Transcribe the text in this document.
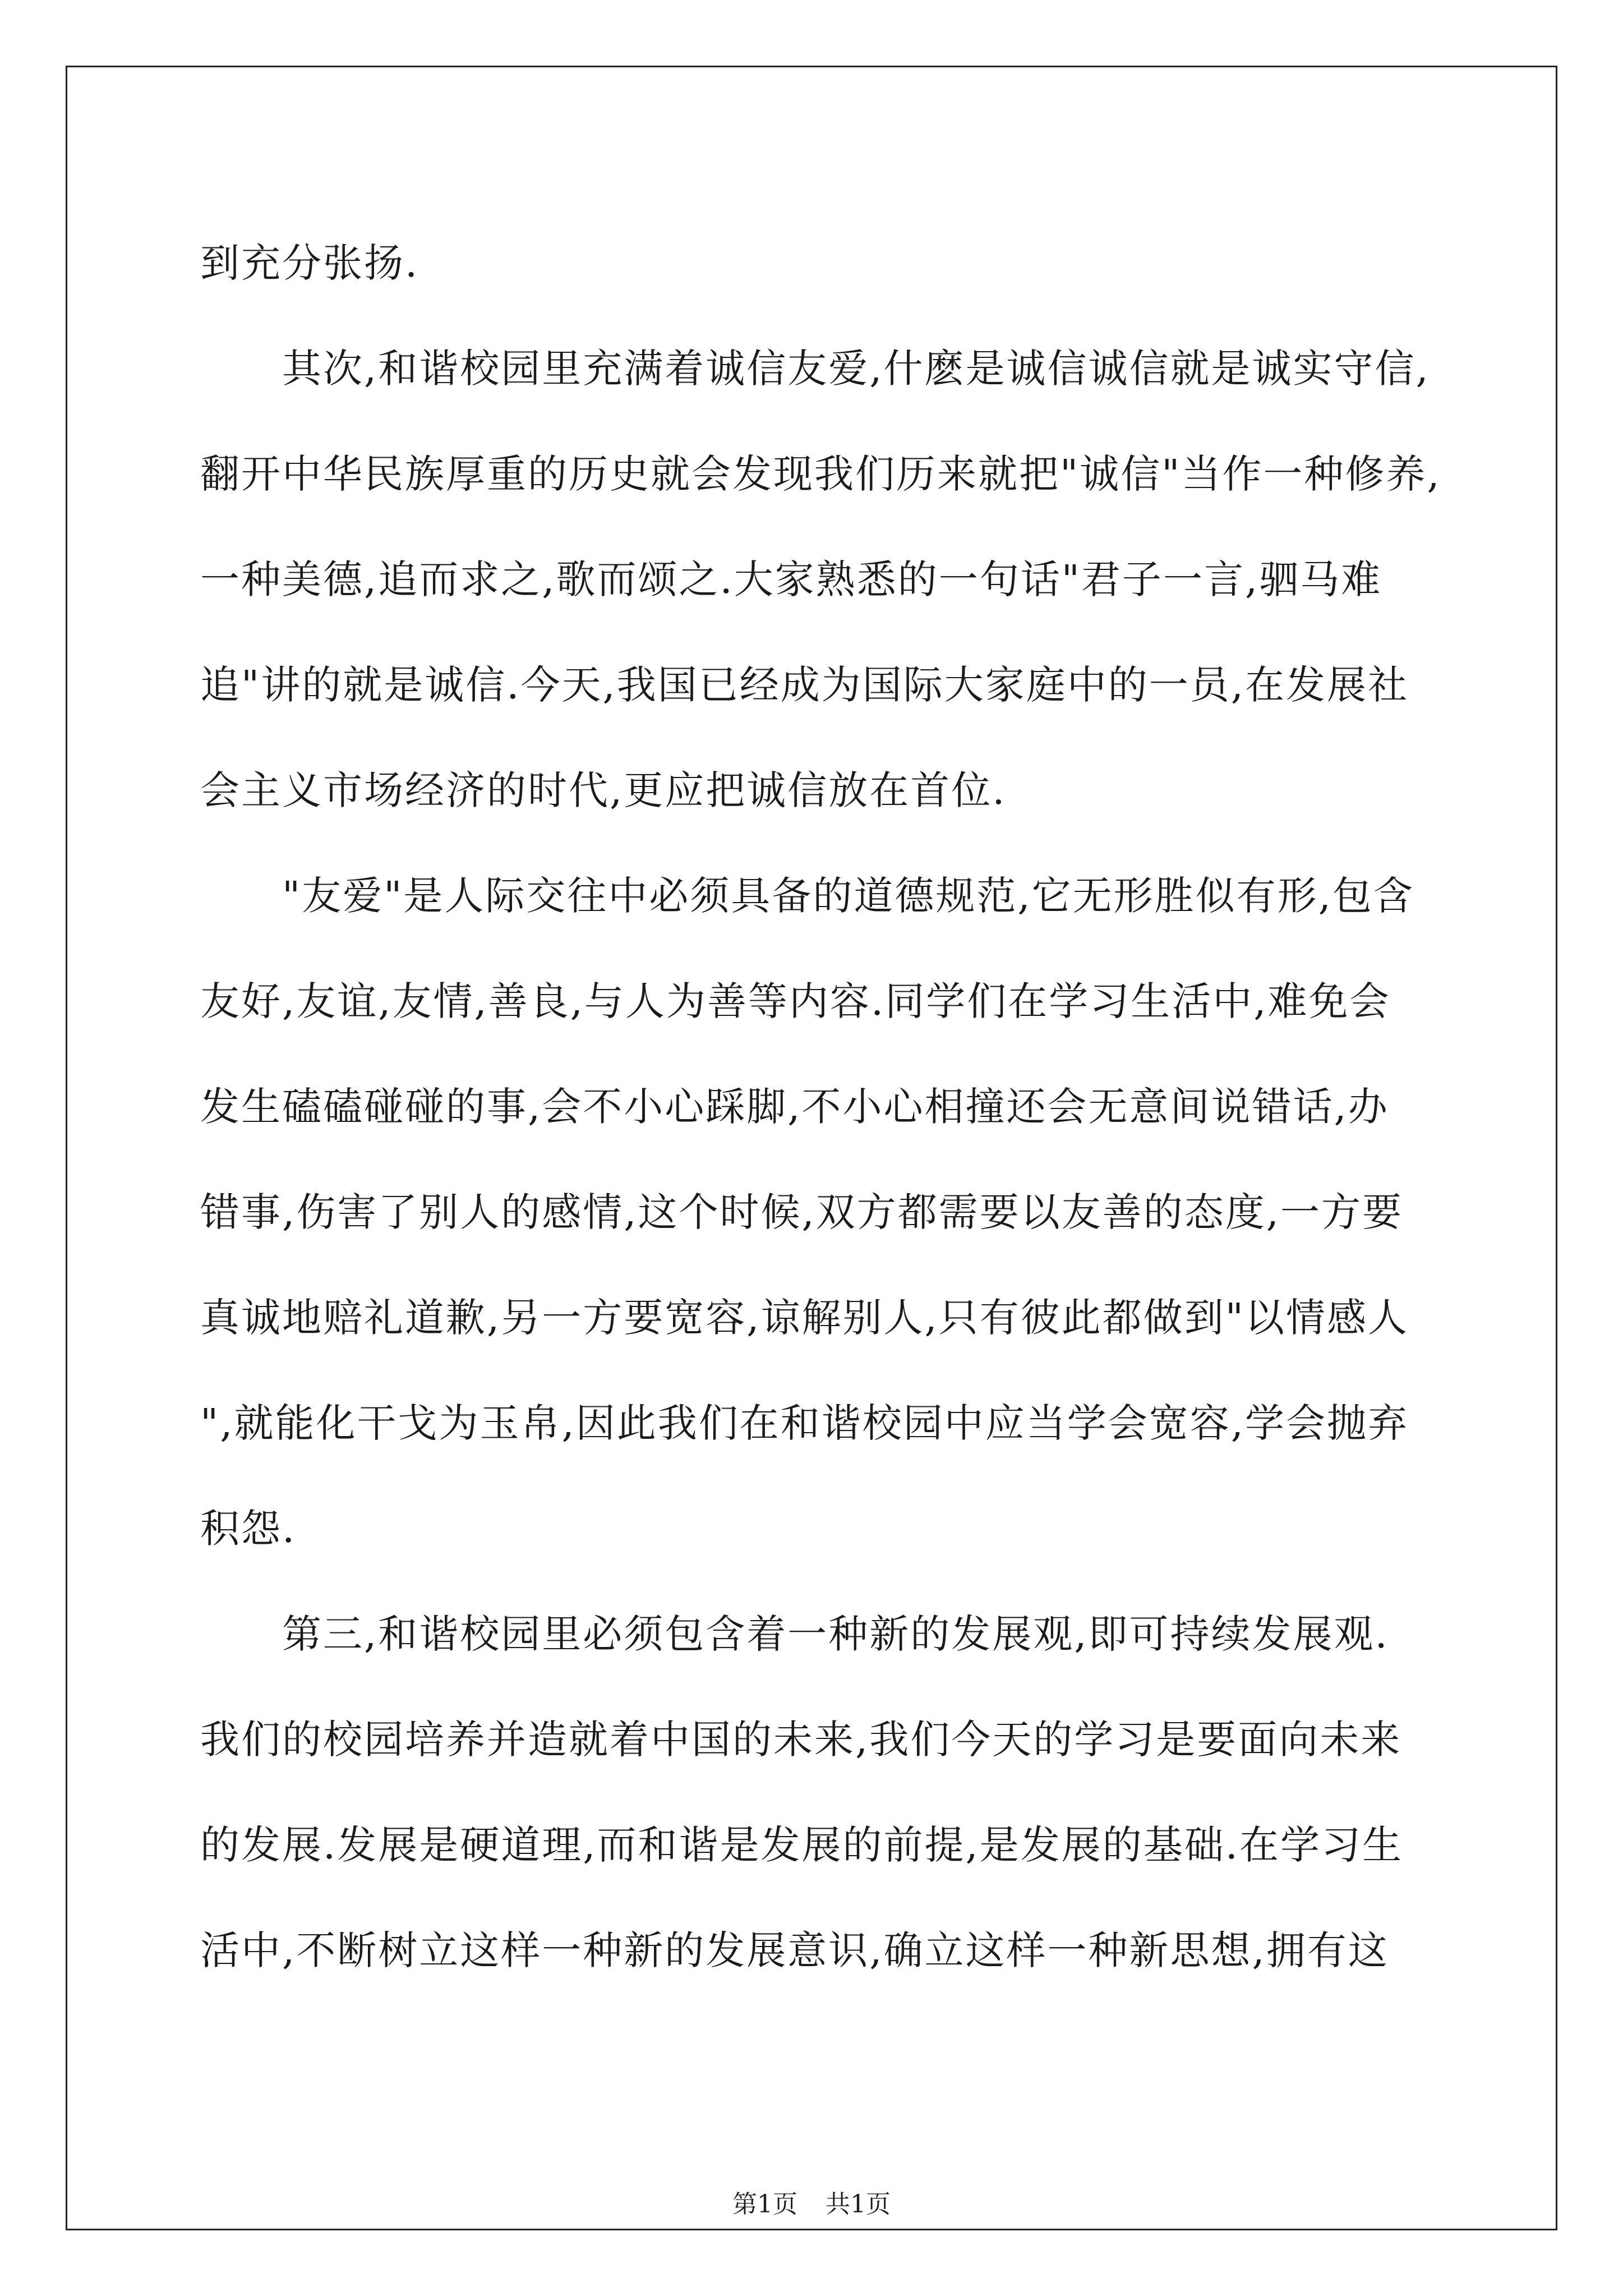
到充分张扬.
　　其次,和谐校园里充满着诚信友爱,什麽是诚信诚信就是诚实守信,
翻开中华民族厚重的历史就会发现我们历来就把"诚信"当作一种修养,
一种美德,追而求之,歌而颂之.大家熟悉的一句话"君子一言,驷马难
追"讲的就是诚信.今天,我国已经成为国际大家庭中的一员,在发展社
会主义市场经济的时代,更应把诚信放在首位.
　　"友爱"是人际交往中必须具备的道德规范,它无形胜似有形,包含
友好,友谊,友情,善良,与人为善等内容.同学们在学习生活中,难免会
发生磕磕碰碰的事,会不小心踩脚,不小心相撞还会无意间说错话,办
错事,伤害了别人的感情,这个时候,双方都需要以友善的态度,一方要
真诚地赔礼道歉,另一方要宽容,谅解别人,只有彼此都做到"以情感人
",就能化干戈为玉帛,因此我们在和谐校园中应当学会宽容,学会抛弃
积怨.
　　第三,和谐校园里必须包含着一种新的发展观,即可持续发展观.
我们的校园培养并造就着中国的未来,我们今天的学习是要面向未来
的发展.发展是硬道理,而和谐是发展的前提,是发展的基础.在学习生
活中,不断树立这样一种新的发展意识,确立这样一种新思想,拥有这
第1页 共1页
